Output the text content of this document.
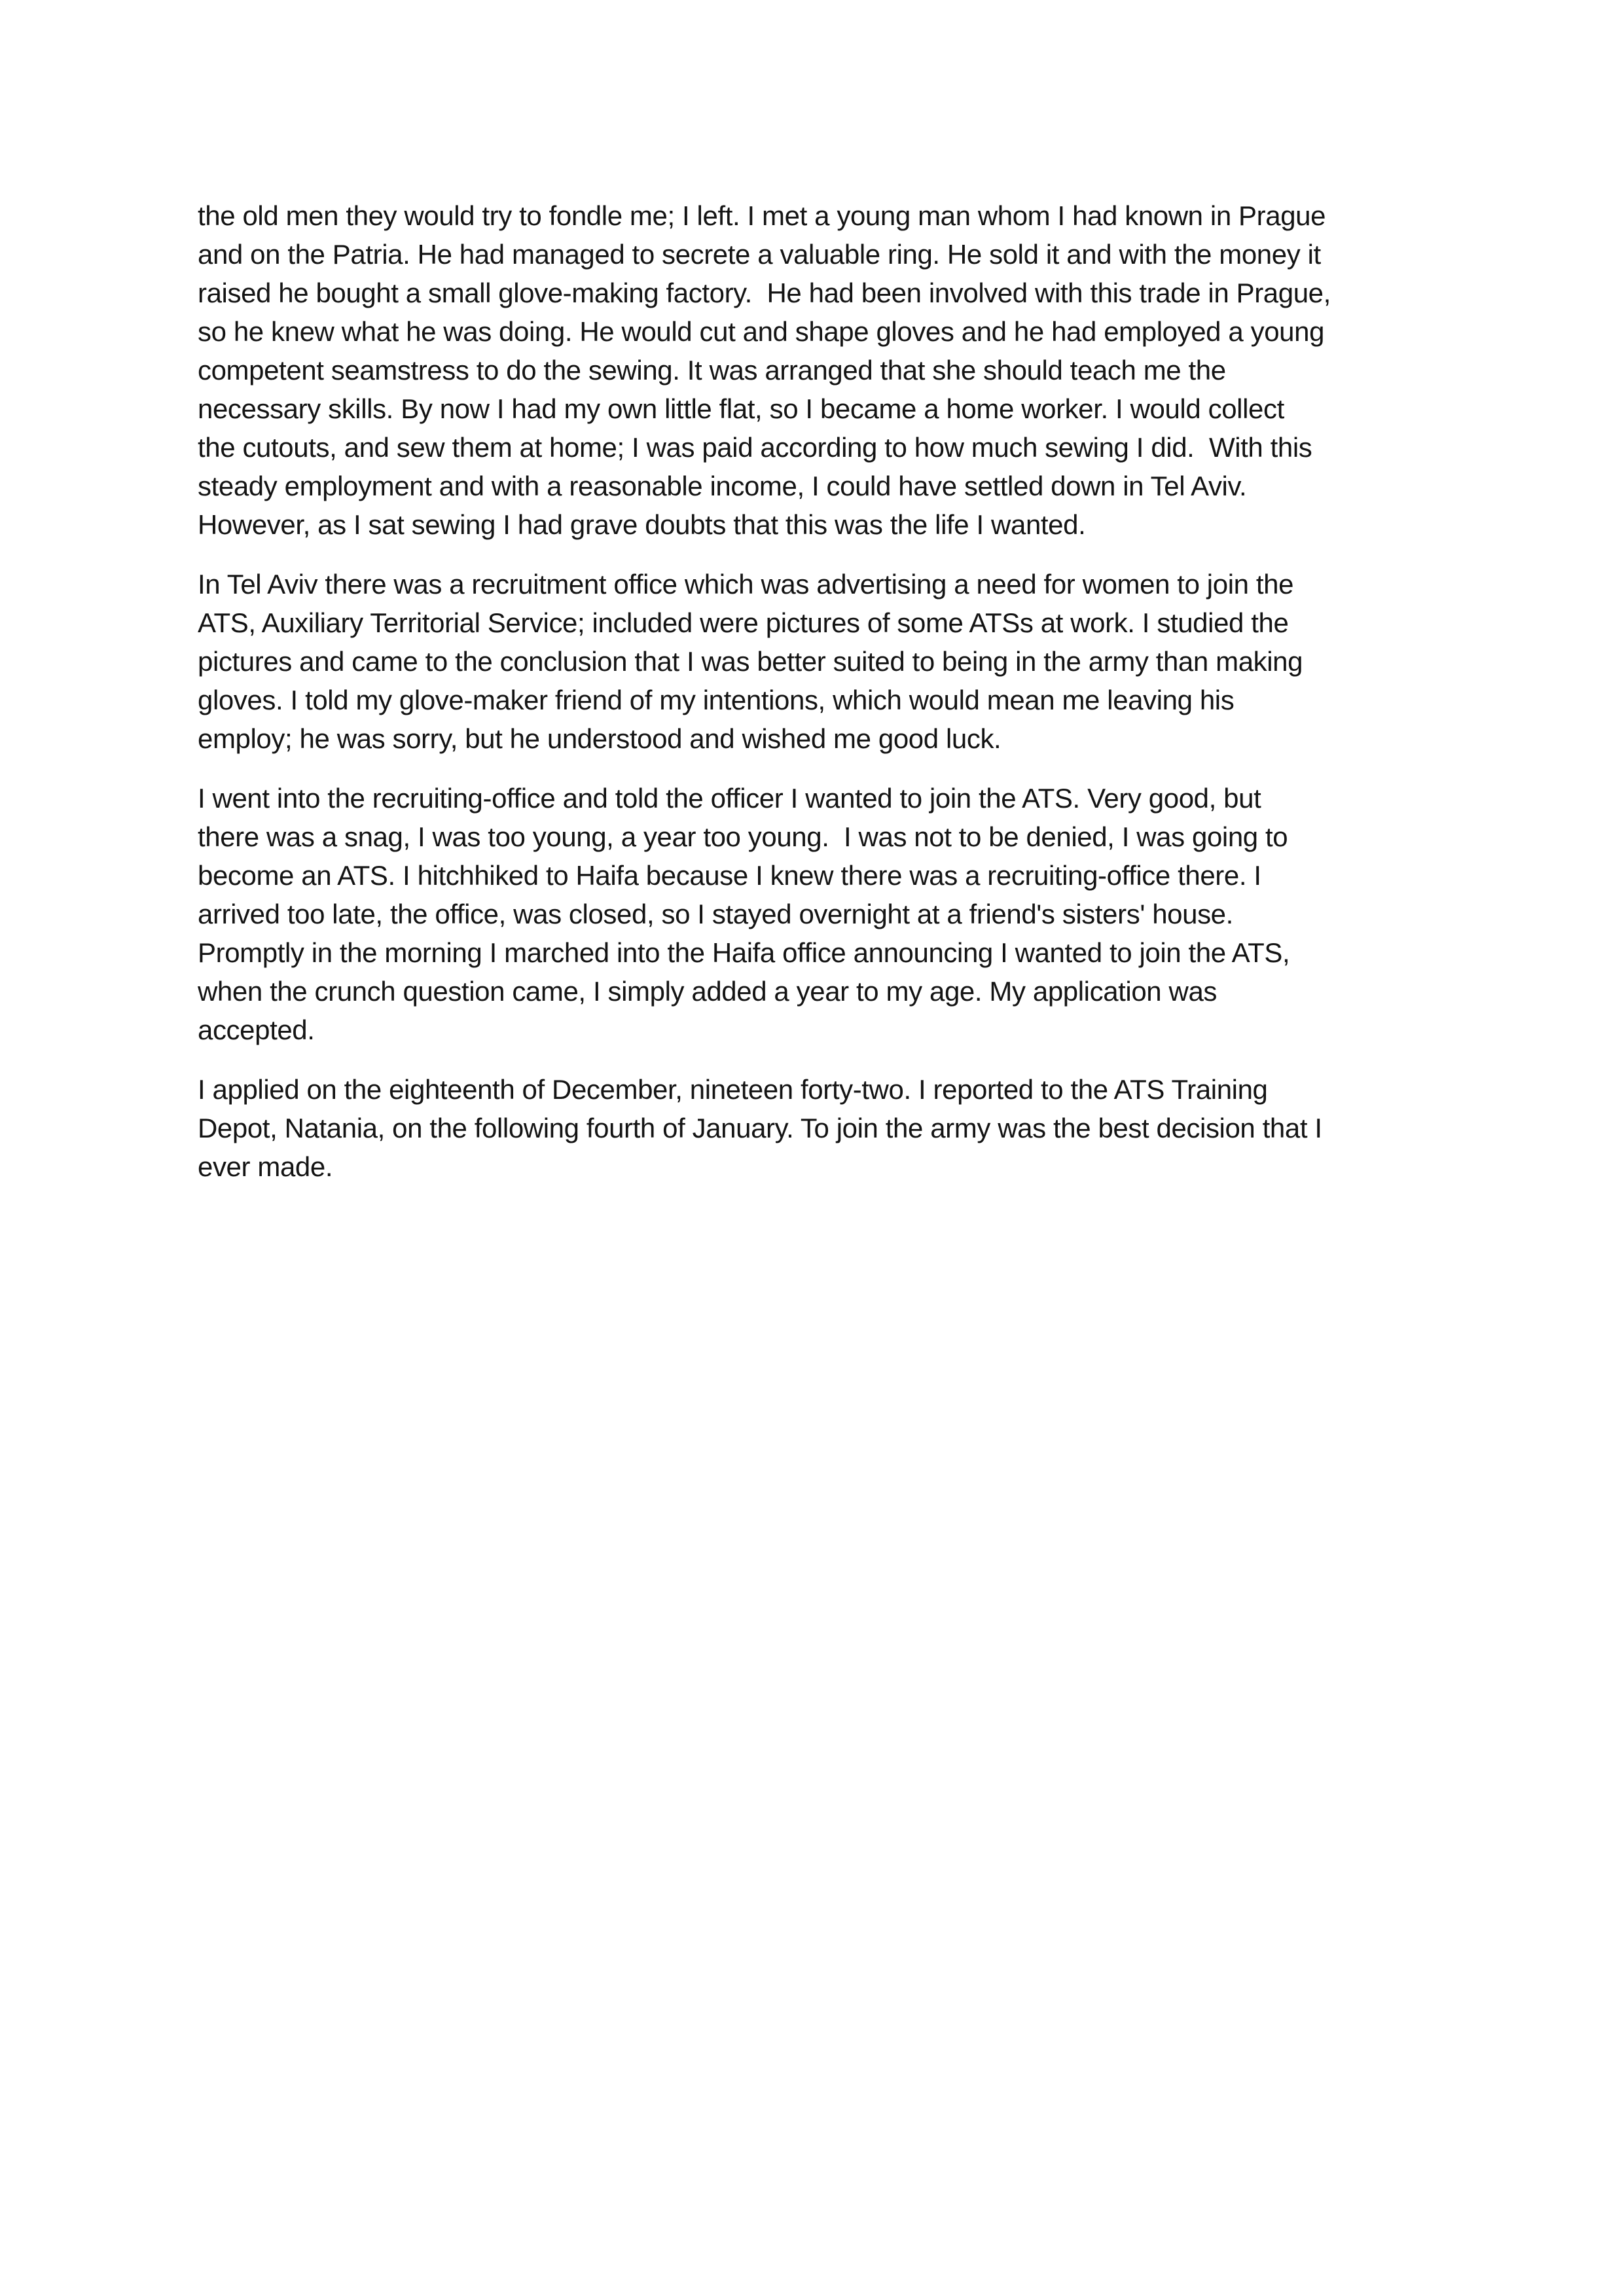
the old men they would try to fondle me; I left. I met a young man whom I had known in Prague
and on the Patria. He had managed to secrete a valuable ring. He sold it and with the money it
raised he bought a small glove-making factory.  He had been involved with this trade in Prague,
so he knew what he was doing. He would cut and shape gloves and he had employed a young
competent seamstress to do the sewing. It was arranged that she should teach me the
necessary skills. By now I had my own little flat, so I became a home worker. I would collect
the cutouts, and sew them at home; I was paid according to how much sewing I did.  With this
steady employment and with a reasonable income, I could have settled down in Tel Aviv.
However, as I sat sewing I had grave doubts that this was the life I wanted.
In Tel Aviv there was a recruitment office which was advertising a need for women to join the
ATS, Auxiliary Territorial Service; included were pictures of some ATSs at work. I studied the
pictures and came to the conclusion that I was better suited to being in the army than making
gloves. I told my glove-maker friend of my intentions, which would mean me leaving his
employ; he was sorry, but he understood and wished me good luck.
I went into the recruiting-office and told the officer I wanted to join the ATS. Very good, but
there was a snag, I was too young, a year too young.  I was not to be denied, I was going to
become an ATS. I hitchhiked to Haifa because I knew there was a recruiting-office there. I
arrived too late, the office, was closed, so I stayed overnight at a friend's sisters' house.
Promptly in the morning I marched into the Haifa office announcing I wanted to join the ATS,
when the crunch question came, I simply added a year to my age. My application was
accepted.
I applied on the eighteenth of December, nineteen forty-two. I reported to the ATS Training
Depot, Natania, on the following fourth of January. To join the army was the best decision that I
ever made.
